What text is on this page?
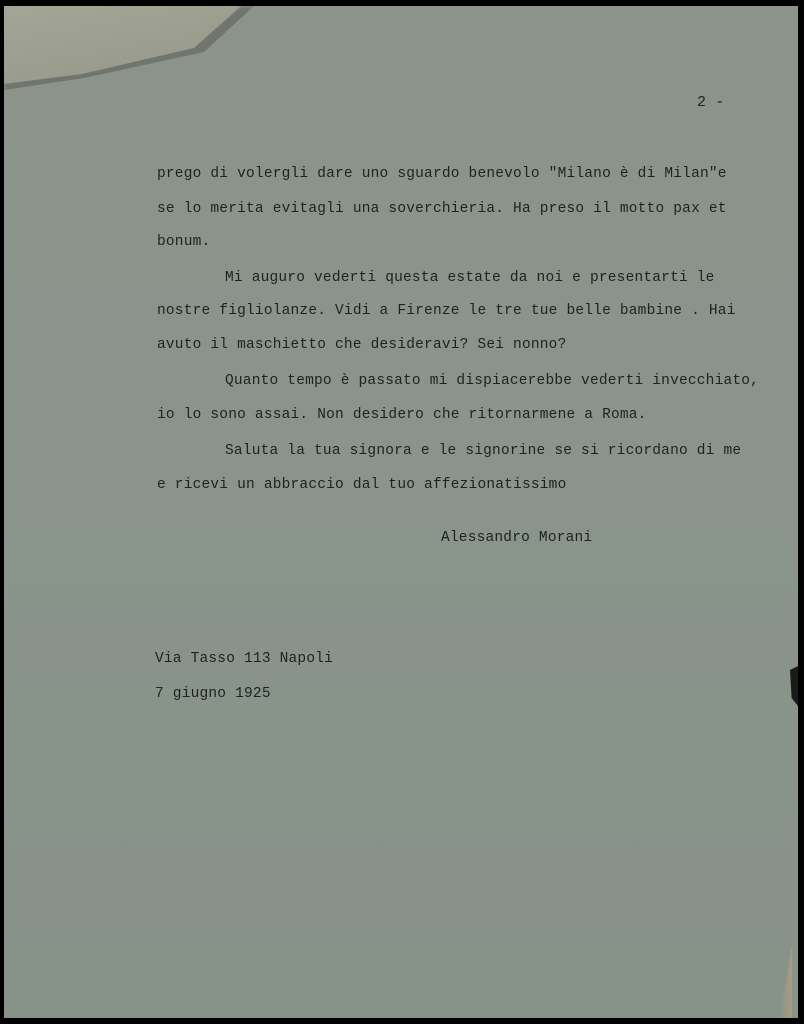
2 -
prego di volergli dare uno sguardo benevolo "Milano è di Milan"e
se lo merita evitagli una soverchieria. Ha preso il motto pax et
bonum.
Mi auguro vederti questa estate da noi e presentarti le
nostre figliolanze. Vidi a Firenze le tre tue belle bambine . Hai
avuto il maschietto che desideravi? Sei nonno?
Quanto tempo è passato mi dispiacerebbe vederti invecchiato,
io lo sono assai. Non desidero che ritornarmene a Roma.
Saluta la tua signora e le signorine se si ricordano di me
e ricevi un abbraccio dal tuo affezionatissimo
Alessandro Morani
Via Tasso 113 Napoli
7 giugno 1925
